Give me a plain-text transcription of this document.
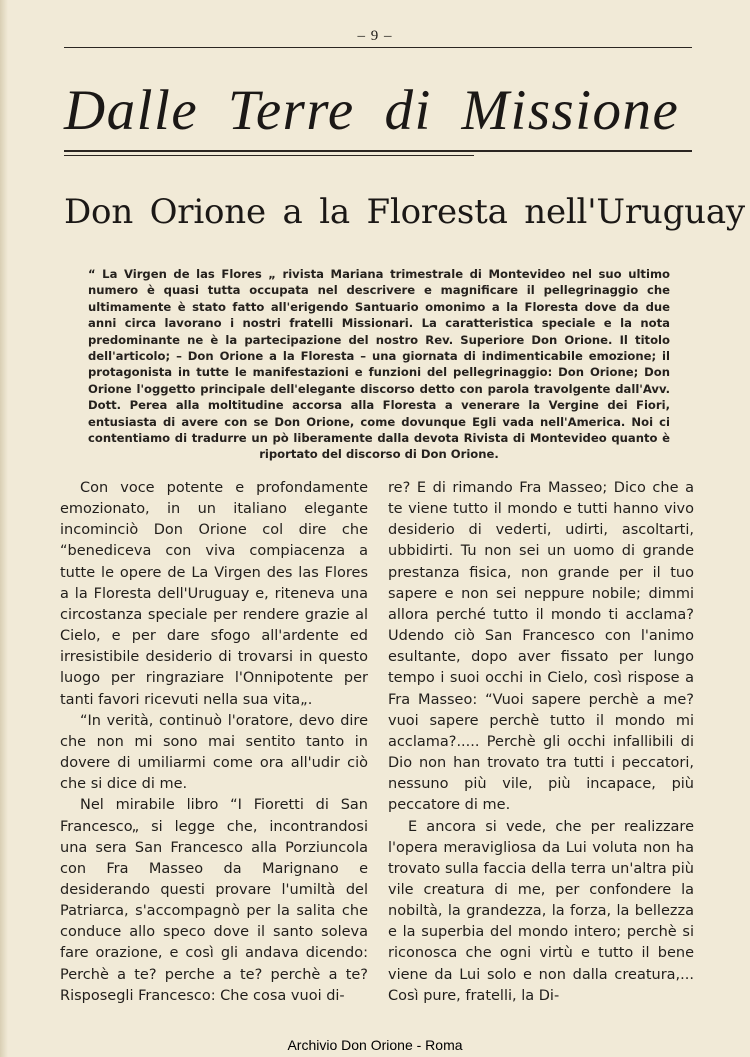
– 9 –
Dalle Terre di Missione
Don Orione a la Floresta nell'Uruguay
“ La Virgen de las Flores „ rivista Mariana trimestrale di Montevideo nel suo ultimo numero è quasi tutta occupata nel descrivere e magnificare il pellegrinaggio che ultimamente è stato fatto all'erigendo Santuario omonimo a la Floresta dove da due anni circa lavorano i nostri fratelli Missionari. La caratteristica speciale e la nota predominante ne è la partecipazione del nostro Rev. Superiore Don Orione. Il titolo dell'articolo; – Don Orione a la Floresta – una giornata di indimenticabile emozione; il protagonista in tutte le manifestazioni e funzioni del pellegrinaggio: Don Orione; Don Orione l'oggetto principale dell'elegante discorso detto con parola travolgente dall'Avv. Dott. Perea alla moltitudine accorsa alla Floresta a venerare la Vergine dei Fiori, entusiasta di avere con se Don Orione, come dovunque Egli vada nell'America. Noi ci contentiamo di tradurre un pò liberamente dalla devota Rivista di Montevideo quanto è riportato del discorso di Don Orione.

Con voce potente e profondamente emozionato, in un italiano elegante incominciò Don Orione col dire che “benediceva con viva compiacenza a tutte le opere de La Virgen des las Flores a la Floresta dell'Uruguay e, riteneva una circostanza speciale per rendere grazie al Cielo, e per dare sfogo all'ardente ed irresistibile desiderio di trovarsi in questo luogo per ringraziare l'Onnipotente per tanti favori ricevuti nella sua vita„.

“In verità, continuò l'oratore, devo dire che non mi sono mai sentito tanto in dovere di umiliarmi come ora all'udir ciò che si dice di me.

Nel mirabile libro “I Fioretti di San Francesco„ si legge che, incontrandosi una sera San Francesco alla Porziuncola con Fra Masseo da Marignano e desiderando questi provare l'umiltà del Patriarca, s'accompagnò per la salita che conduce allo speco dove il santo soleva fare orazione, e così gli andava dicendo: Perchè a te? perche a te? perchè a te? Risposegli Francesco: Che cosa vuoi di-

re? E di rimando Fra Masseo; Dico che a te viene tutto il mondo e tutti hanno vivo desiderio di vederti, udirti, ascoltarti, ubbidirti. Tu non sei un uomo di grande prestanza fisica, non grande per il tuo sapere e non sei neppure nobile; dimmi allora perché tutto il mondo ti acclama? Udendo ciò San Francesco con l'animo esultante, dopo aver fissato per lungo tempo i suoi occhi in Cielo, così rispose a Fra Masseo: “Vuoi sapere perchè a me? vuoi sapere perchè tutto il mondo mi acclama?..... Perchè gli occhi infallibili di Dio non han trovato tra tutti i peccatori, nessuno più vile, più incapace, più peccatore di me.

E ancora si vede, che per realizzare l'opera meravigliosa da Lui voluta non ha trovato sulla faccia della terra un'altra più vile creatura di me, per confondere la nobiltà, la grandezza, la forza, la bellezza e la superbia del mondo intero; perchè si riconosca che ogni virtù e tutto il bene viene da Lui solo e non dalla creatura,... Così pure, fratelli, la Di-

Archivio Don Orione - Roma
